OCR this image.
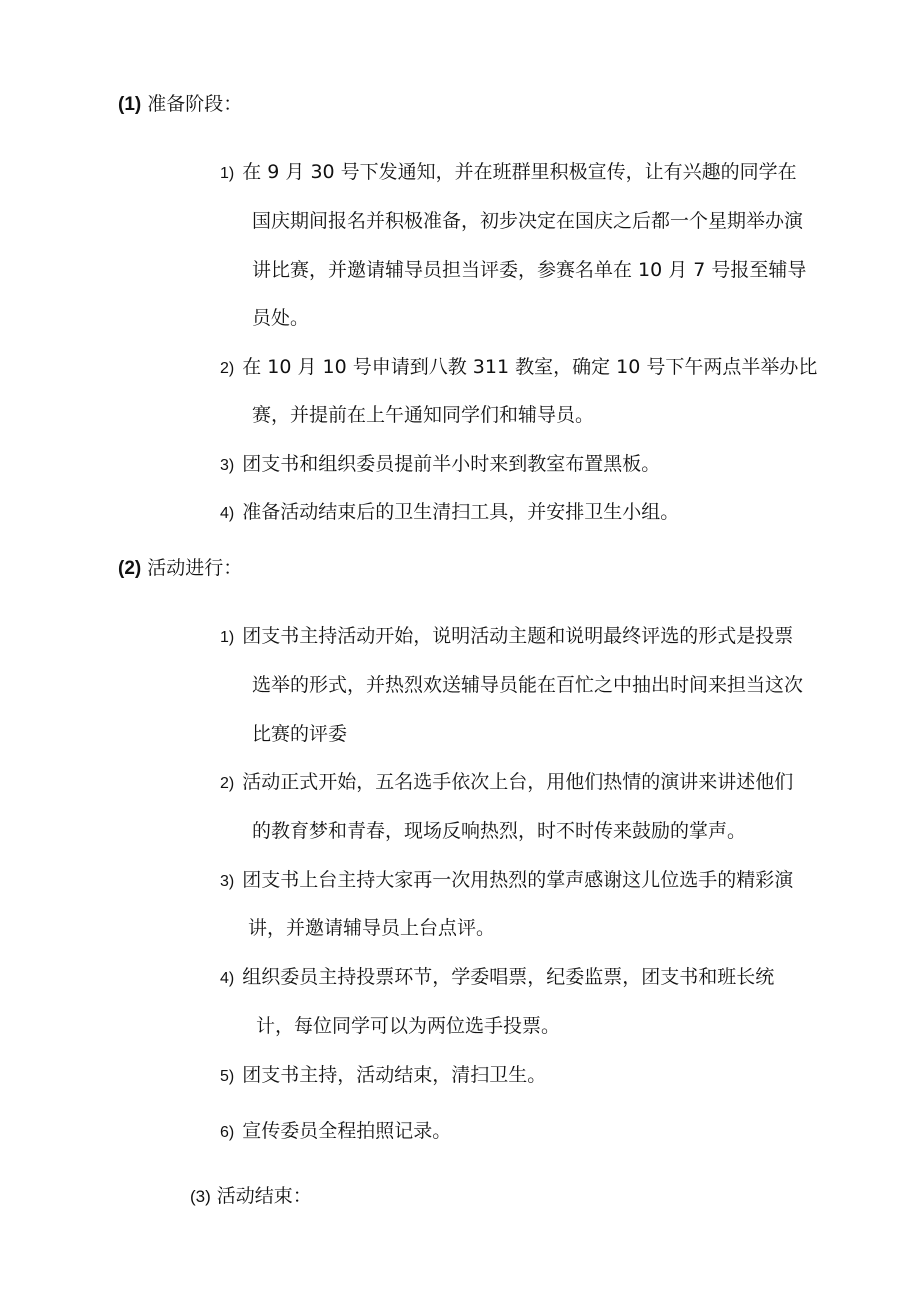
(1) 准备阶段：
1) 在 9 月 30 号下发通知，并在班群里积极宣传，让有兴趣的同学在
国庆期间报名并积极准备，初步决定在国庆之后都一个星期举办演
讲比赛，并邀请辅导员担当评委，参赛名单在 10 月 7 号报至辅导
员处。
2) 在 10 月 10 号申请到八教 311 教室，确定 10 号下午两点半举办比
赛，并提前在上午通知同学们和辅导员。
3) 团支书和组织委员提前半小时来到教室布置黑板。
4) 准备活动结束后的卫生清扫工具，并安排卫生小组。
(2) 活动进行：
1) 团支书主持活动开始，说明活动主题和说明最终评选的形式是投票
选举的形式，并热烈欢送辅导员能在百忙之中抽出时间来担当这次
比赛的评委
2) 活动正式开始，五名选手依次上台，用他们热情的演讲来讲述他们
的教育梦和青春，现场反响热烈，时不时传来鼓励的掌声。
3) 团支书上台主持大家再一次用热烈的掌声感谢这儿位选手的精彩演
讲，并邀请辅导员上台点评。
4) 组织委员主持投票环节，学委唱票，纪委监票，团支书和班长统
计，每位同学可以为两位选手投票。
5) 团支书主持，活动结束，清扫卫生。
6) 宣传委员全程拍照记录。
(3) 活动结束：
